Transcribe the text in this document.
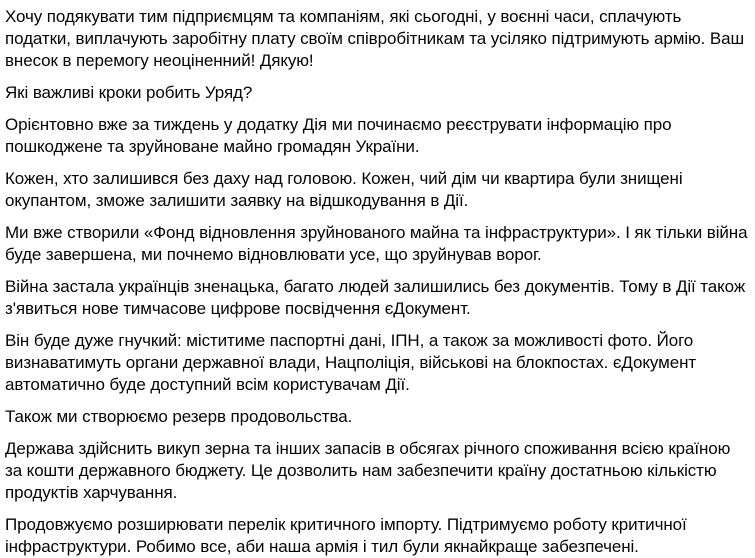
Хочу подякувати тим підприємцям та компаніям, які сьогодні, у воєнні часи, сплачують податки, виплачують заробітну плату своїм співробітникам та усіляко підтримують армію. Ваш внесок в перемогу неоціненний! Дякую!

Які важливі кроки робить Уряд?

Орієнтовно вже за тиждень у додатку Дія ми починаємо реєструвати інформацію про пошкоджене та зруйноване майно громадян України.

Кожен, хто залишився без даху над головою. Кожен, чий дім чи квартира були знищені окупантом, зможе залишити заявку на відшкодування в Дії.

Ми вже створили «Фонд відновлення зруйнованого майна та інфраструктури». І як тільки війна буде завершена, ми почнемо відновлювати усе, що зруйнував ворог.

Війна застала українців зненацька, багато людей залишились без документів. Тому в Дії також з'явиться нове тимчасове цифрове посвідчення єДокумент.

Він буде дуже гнучкий: міститиме паспортні дані, ІПН, а також за можливості фото. Його визнаватимуть органи державної влади, Нацполіція, військові на блокпостах. єДокумент автоматично буде доступний всім користувачам Дії.

Також ми створюємо резерв продовольства.

Держава здійснить викуп зерна та інших запасів в обсягах річного споживання всією країною за кошти державного бюджету. Це дозволить нам забезпечити країну достатньою кількістю продуктів харчування.

Продовжуємо розширювати перелік критичного імпорту. Підтримуємо роботу критичної інфраструктури. Робимо все, аби наша армія і тил були якнайкраще забезпечені.
